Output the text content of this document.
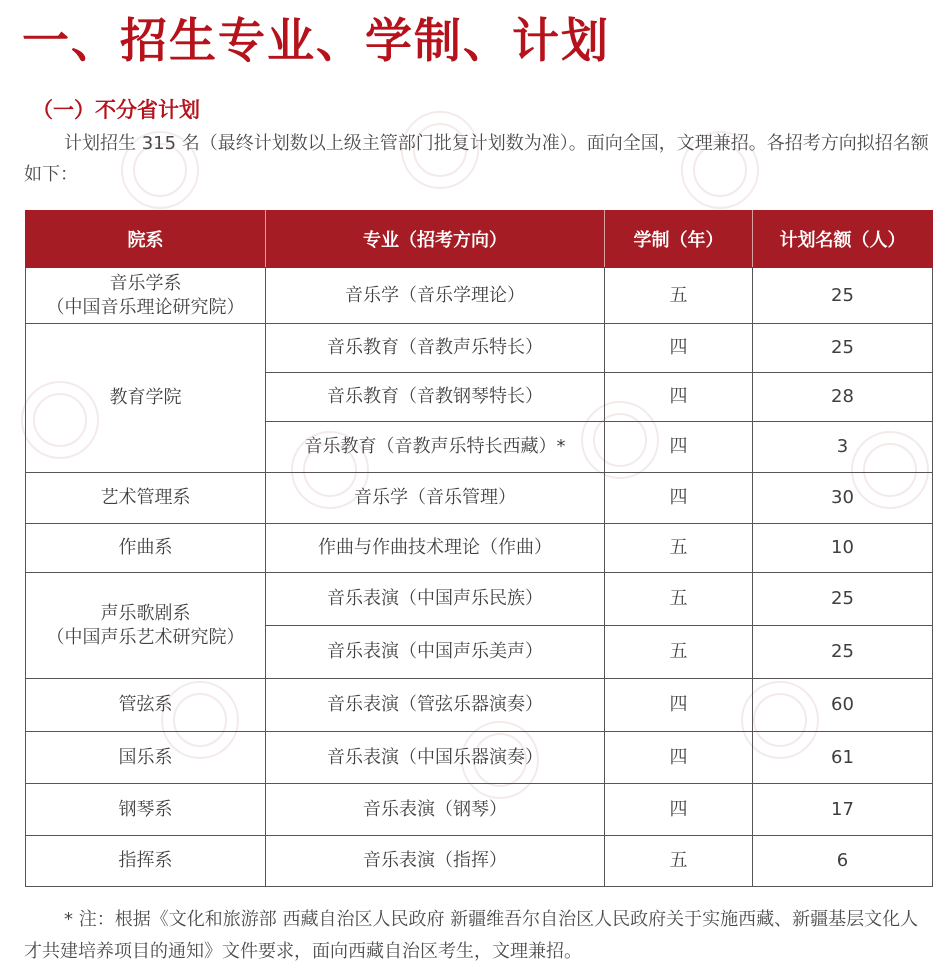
一、招生专业、学制、计划
（一）不分省计划

计划招生 315 名（最终计划数以上级主管部门批复计划数为准）。面向全国，文理兼招。各招考方向拟招名额如下：

院系	专业（招考方向）	学制（年）	计划名额（人）

音乐学系
（中国音乐理论研究院）	音乐学（音乐学理论）	五	25

教育学院	音乐教育（音教声乐特长）	四	25
	音乐教育（音教钢琴特长）	四	28
	音乐教育（音教声乐特长西藏）*	四	3

艺术管理系	音乐学（音乐管理）	四	30

作曲系	作曲与作曲技术理论（作曲）	五	10

声乐歌剧系
（中国声乐艺术研究院）	音乐表演（中国声乐民族）	五	25
	音乐表演（中国声乐美声）	五	25

管弦系	音乐表演（管弦乐器演奏）	四	60

国乐系	音乐表演（中国乐器演奏）	四	61

钢琴系	音乐表演（钢琴）	四	17

指挥系	音乐表演（指挥）	五	6

* 注：根据《文化和旅游部 西藏自治区人民政府 新疆维吾尔自治区人民政府关于实施西藏、新疆基层文化人才共建培养项目的通知》文件要求，面向西藏自治区考生，文理兼招。
